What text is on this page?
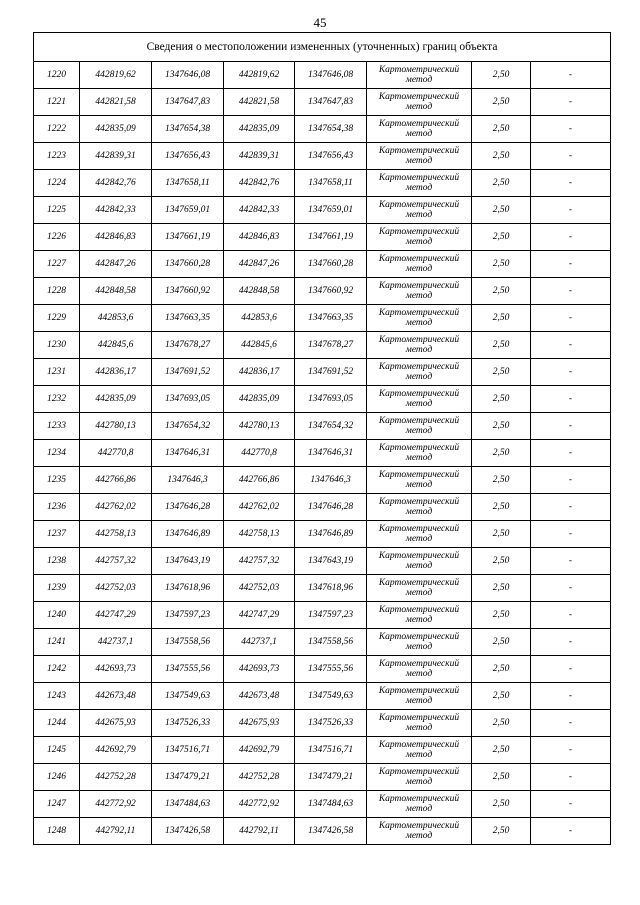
45
Сведения о местоположении измененных (уточненных) границ объекта							
1220	442819,62	1347646,08	442819,62	1347646,08	Картометрический
метод	2,50	-
1221	442821,58	1347647,83	442821,58	1347647,83	Картометрический
метод	2,50	-
1222	442835,09	1347654,38	442835,09	1347654,38	Картометрический
метод	2,50	-
1223	442839,31	1347656,43	442839,31	1347656,43	Картометрический
метод	2,50	-
1224	442842,76	1347658,11	442842,76	1347658,11	Картометрический
метод	2,50	-
1225	442842,33	1347659,01	442842,33	1347659,01	Картометрический
метод	2,50	-
1226	442846,83	1347661,19	442846,83	1347661,19	Картометрический
метод	2,50	-
1227	442847,26	1347660,28	442847,26	1347660,28	Картометрический
метод	2,50	-
1228	442848,58	1347660,92	442848,58	1347660,92	Картометрический
метод	2,50	-
1229	442853,6	1347663,35	442853,6	1347663,35	Картометрический
метод	2,50	-
1230	442845,6	1347678,27	442845,6	1347678,27	Картометрический
метод	2,50	-
1231	442836,17	1347691,52	442836,17	1347691,52	Картометрический
метод	2,50	-
1232	442835,09	1347693,05	442835,09	1347693,05	Картометрический
метод	2,50	-
1233	442780,13	1347654,32	442780,13	1347654,32	Картометрический
метод	2,50	-
1234	442770,8	1347646,31	442770,8	1347646,31	Картометрический
метод	2,50	-
1235	442766,86	1347646,3	442766,86	1347646,3	Картометрический
метод	2,50	-
1236	442762,02	1347646,28	442762,02	1347646,28	Картометрический
метод	2,50	-
1237	442758,13	1347646,89	442758,13	1347646,89	Картометрический
метод	2,50	-
1238	442757,32	1347643,19	442757,32	1347643,19	Картометрический
метод	2,50	-
1239	442752,03	1347618,96	442752,03	1347618,96	Картометрический
метод	2,50	-
1240	442747,29	1347597,23	442747,29	1347597,23	Картометрический
метод	2,50	-
1241	442737,1	1347558,56	442737,1	1347558,56	Картометрический
метод	2,50	-
1242	442693,73	1347555,56	442693,73	1347555,56	Картометрический
метод	2,50	-
1243	442673,48	1347549,63	442673,48	1347549,63	Картометрический
метод	2,50	-
1244	442675,93	1347526,33	442675,93	1347526,33	Картометрический
метод	2,50	-
1245	442692,79	1347516,71	442692,79	1347516,71	Картометрический
метод	2,50	-
1246	442752,28	1347479,21	442752,28	1347479,21	Картометрический
метод	2,50	-
1247	442772,92	1347484,63	442772,92	1347484,63	Картометрический
метод	2,50	-
1248	442792,11	1347426,58	442792,11	1347426,58	Картометрический
метод	2,50	-
